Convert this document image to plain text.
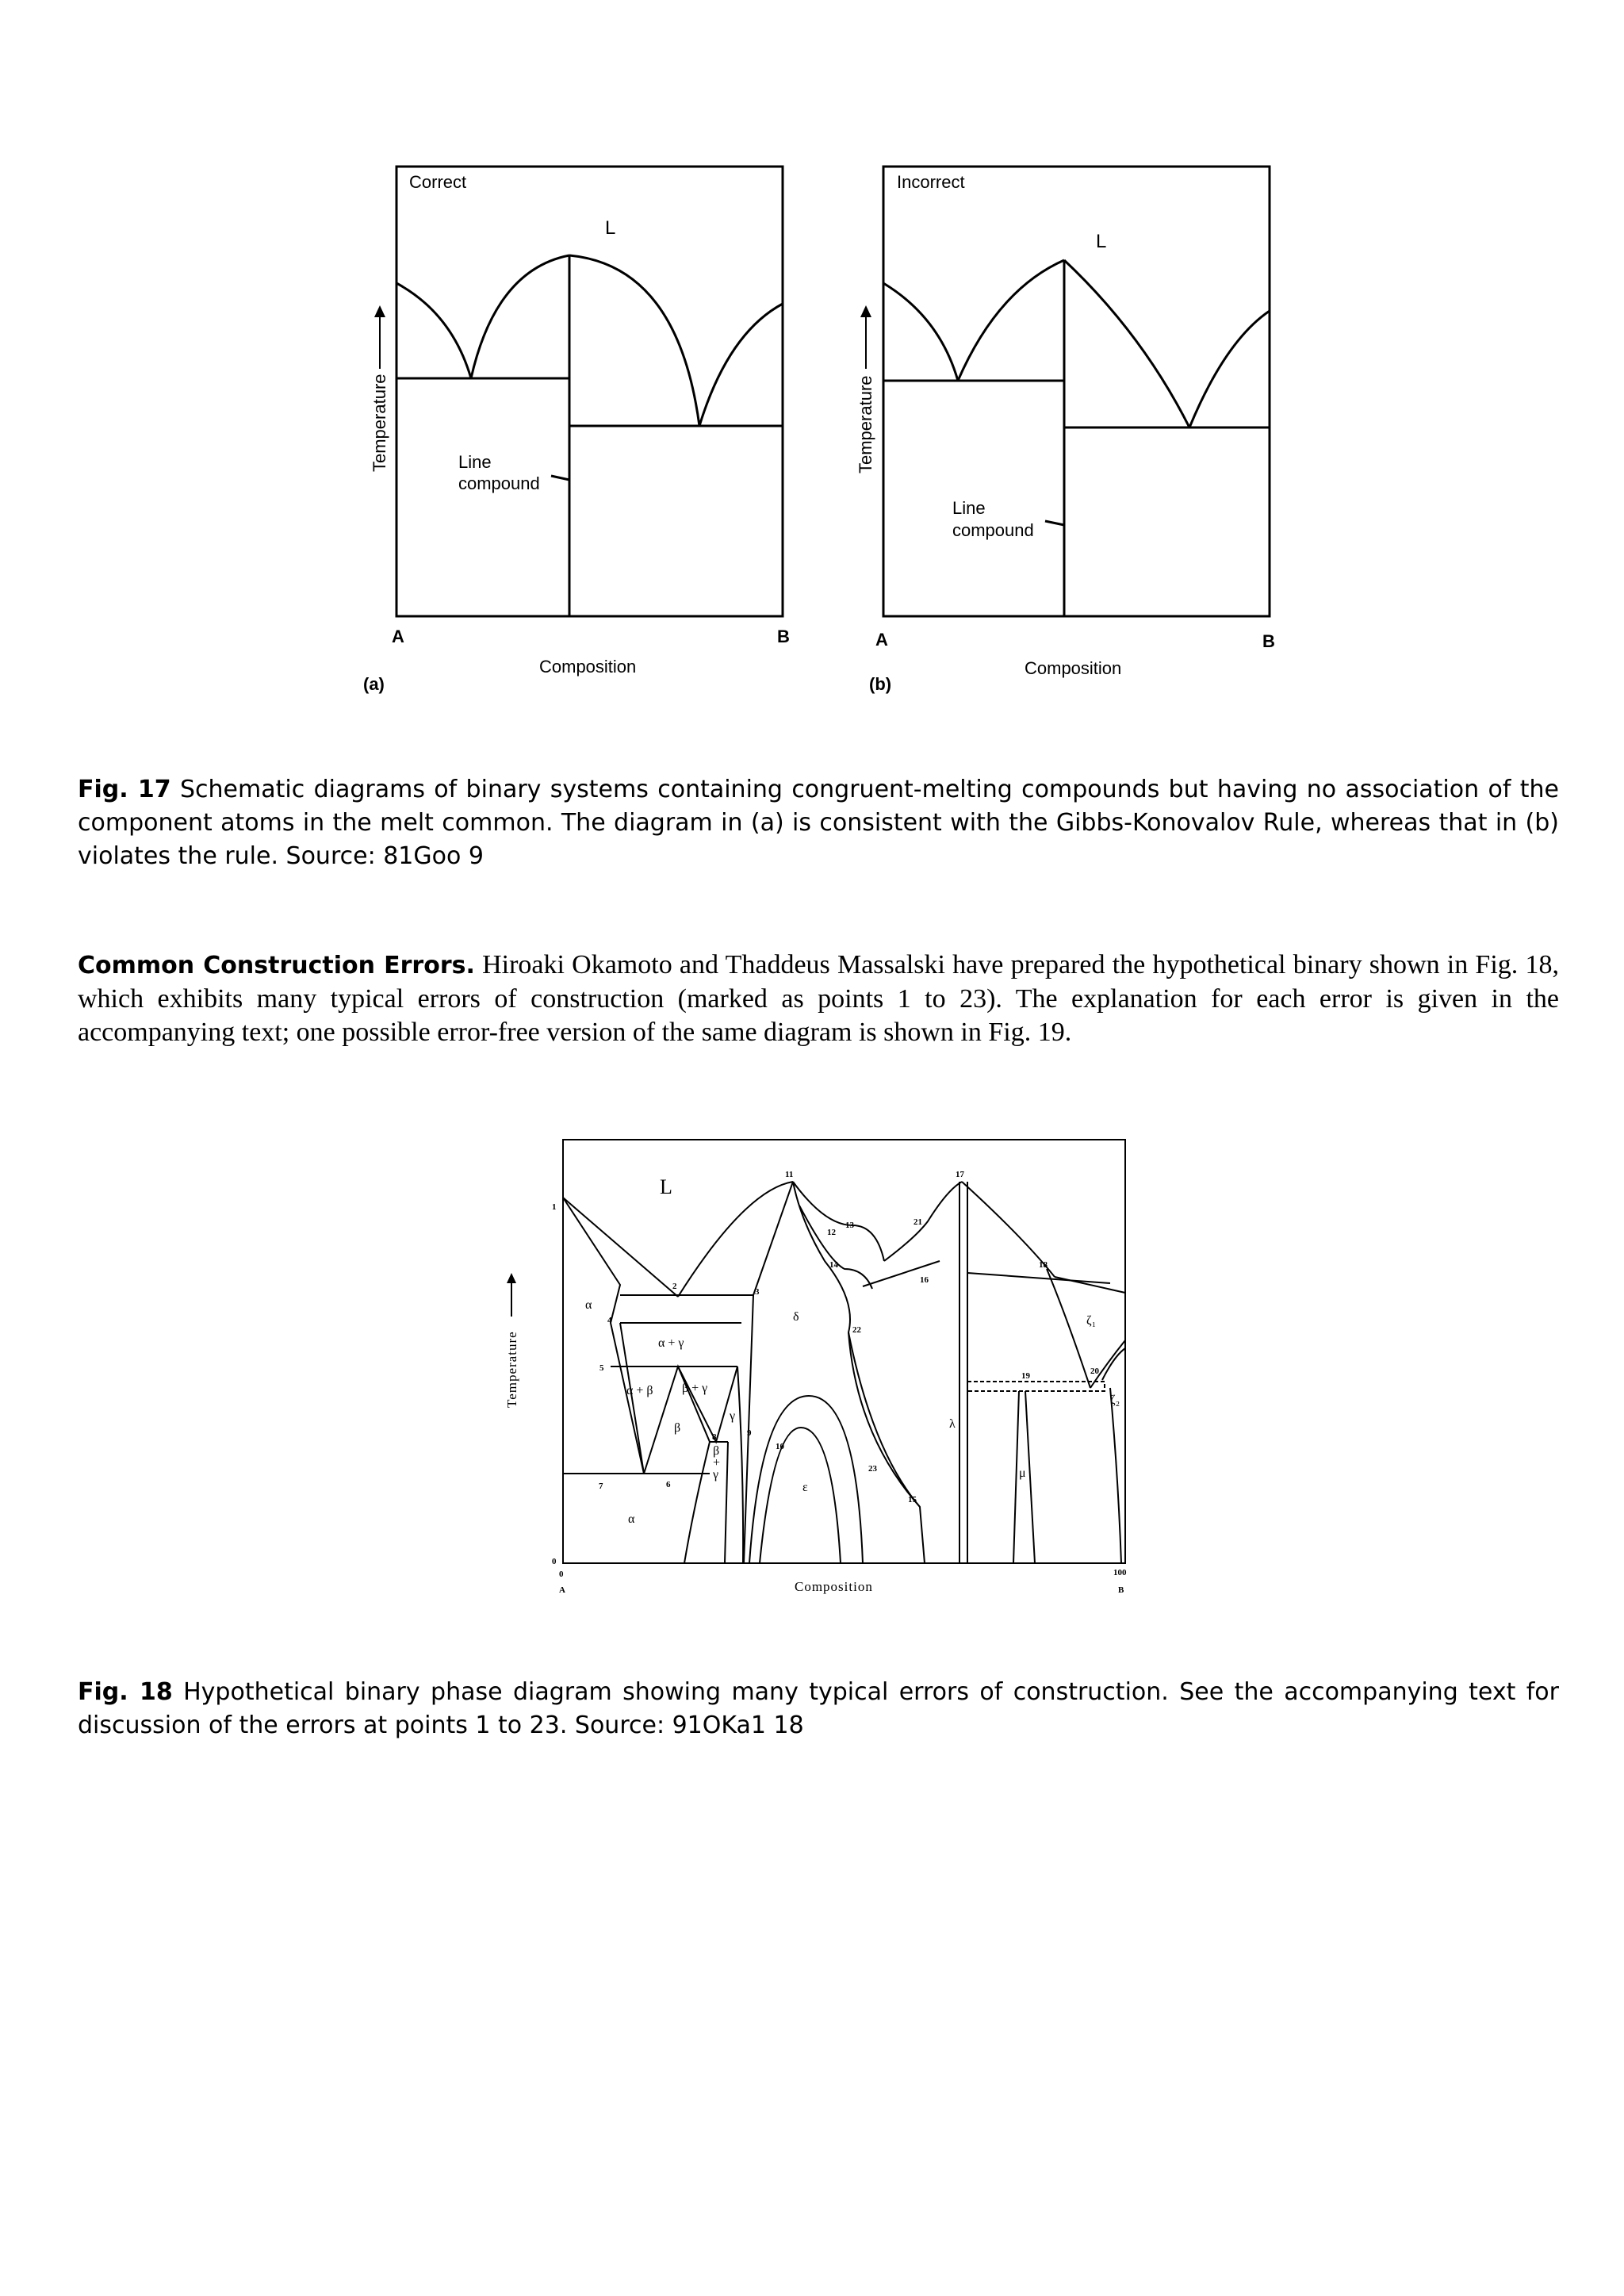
Correct
L
Line
compound
A	B
Composition
(a)
Temperature
Incorrect
L
Line
compound
A	B
Composition
(b)
Temperature
Fig. 17 Schematic diagrams of binary systems containing congruent-melting compounds but having no association of the component atoms in the melt common. The diagram in (a) is consistent with the Gibbs-Konovalov Rule, whereas that in (b) violates the rule. Source: 81Goo 9
Common Construction Errors. Hiroaki Okamoto and Thaddeus Massalski have prepared the hypothetical binary shown in Fig. 18, which exhibits many typical errors of construction (marked as points 1 to 23). The explanation for each error is given in the accompanying text; one possible error-free version of the same diagram is shown in Fig. 19.
L
α
α + γ
α + β β + γ
β
γ
δ
ε
λ
μ
ζ₁
ζ₂
α
β
+
γ
1
2
3
4
5
6
7
8	9
10
11
12
13
14
15
16
17
18
19	20
21
22
23
0
0	100
A	B
Composition
Temperature
Fig. 18 Hypothetical binary phase diagram showing many typical errors of construction. See the accompanying text for discussion of the errors at points 1 to 23. Source: 91OKa1 18
